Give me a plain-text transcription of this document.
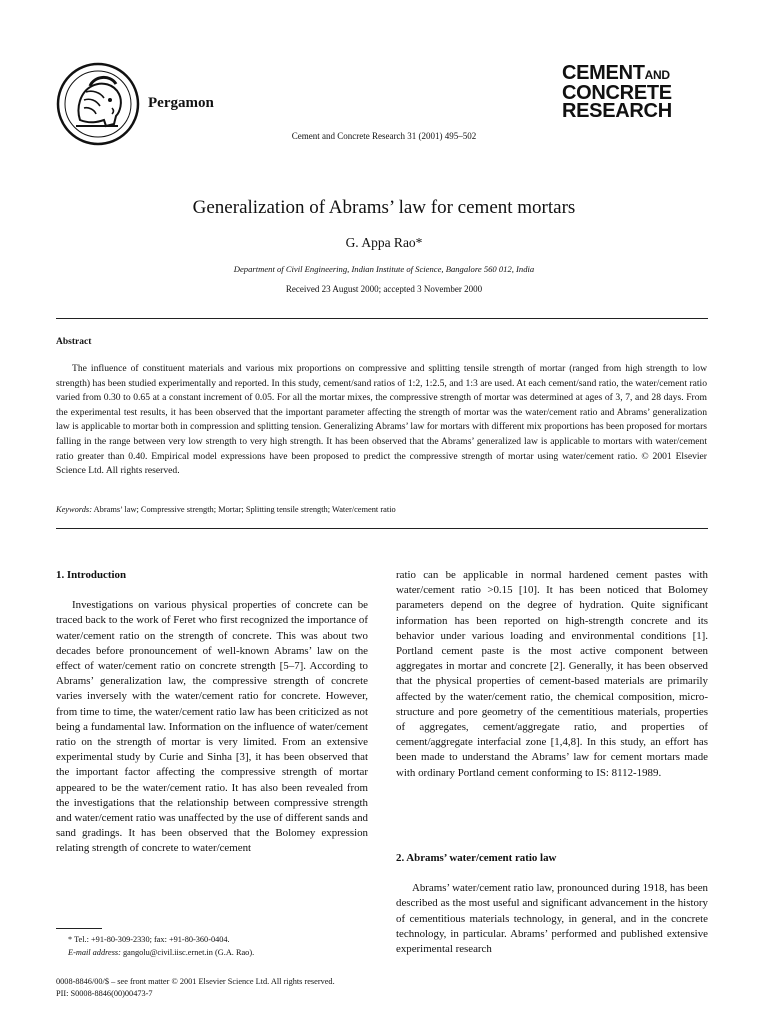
Pergamon
Cement and Concrete Research 31 (2001) 495–502
CEMENTAND
CONCRETE
RESEARCH
Generalization of Abrams’ law for cement mortars
G. Appa Rao*
Department of Civil Engineering, Indian Institute of Science, Bangalore 560 012, India
Received 23 August 2000; accepted 3 November 2000
Abstract
The influence of constituent materials and various mix proportions on compressive and splitting tensile strength of mortar (ranged from high strength to low strength) has been studied experimentally and reported. In this study, cement/sand ratios of 1:2, 1:2.5, and 1:3 are used. At each cement/sand ratio, the water/cement ratio varied from 0.30 to 0.65 at a constant increment of 0.05. For all the mortar mixes, the compressive strength of mortar was determined at ages of 3, 7, and 28 days. From the experimental test results, it has been observed that the important parameter affecting the strength of mortar was the water/cement ratio and Abrams’ generalization law is applicable to mortar both in compression and splitting tension. Generalizing Abrams’ law for mortars with different mix proportions has been proposed for mortars falling in the range between very low strength to very high strength. It has been observed that the Abrams’ generalized law is applicable to mortars with water/cement ratio greater than 0.40. Empirical model expressions have been proposed to predict the compressive strength of mortar using water/cement ratio. © 2001 Elsevier Science Ltd. All rights reserved.
Keywords: Abrams’ law; Compressive strength; Mortar; Splitting tensile strength; Water/cement ratio
1. Introduction

Investigations on various physical properties of concrete can be traced back to the work of Feret who first recognized the importance of water/cement ratio on the strength of concrete. This was about two decades before pronouncement of well-known Abrams’ law on the effect of water/cement ratio on concrete strength [5–7]. According to Abrams’ generalization law, the compressive strength of concrete varies inversely with the water/cement ratio for concrete. However, from time to time, the water/cement ratio law has been criticized as not being a fundamental law. Information on the influence of water/cement ratio on the strength of mortar is very limited. From an extensive experimental study by Curie and Sinha [3], it has been observed that the important factor affecting the compressive strength of mortar appeared to be the water/cement ratio. It has also been revealed from the investigations that the relationship between compressive strength and water/cement ratio was unaffected by the use of different sands and sand gradings. It has been observed that the Bolomey expression relating strength of concrete to water/cement

ratio can be applicable in normal hardened cement pastes with water/cement ratio >0.15 [10]. It has been noticed that Bolomey parameters depend on the degree of hydration. Quite significant information has been reported on high-strength concrete and its behavior under various loading and environmental conditions [1]. Portland cement paste is the most active component between aggregates in mortar and concrete [2]. Generally, it has been observed that the physical properties of cement-based materials are primarily affected by the water/cement ratio, the chemical composition, micro-structure and pore geometry of the cementitious materials, properties of aggregates, cement/aggregate ratio, and properties of cement/aggregate interfacial zone [1,4,8]. In this study, an effort has been made to understand the Abrams’ law for cement mortars made with ordinary Portland cement conforming to IS: 8112-1989.

2. Abrams’ water/cement ratio law

Abrams’ water/cement ratio law, pronounced during 1918, has been described as the most useful and significant advancement in the history of cementitious materials technology, in general, and in the concrete technology, in particular. Abrams’ performed and published extensive experimental research

* Tel.: +91-80-309-2330; fax: +91-80-360-0404.
E-mail address: gangolu@civil.iisc.ernet.in (G.A. Rao).
0008-8846/00/$ – see front matter © 2001 Elsevier Science Ltd. All rights reserved.
PII: S0008-8846(00)00473-7
